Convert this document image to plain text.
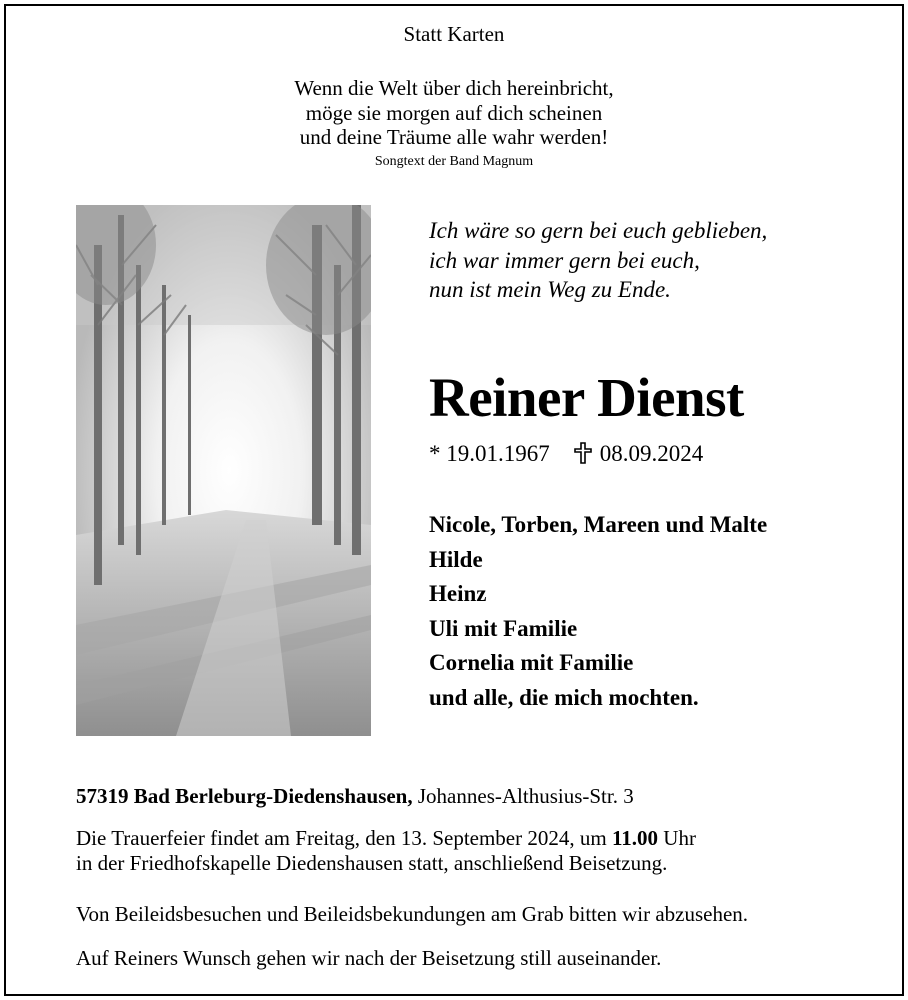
Statt Karten
Wenn die Welt über dich hereinbricht,
möge sie morgen auf dich scheinen
und deine Träume alle wahr werden!
Songtext der Band Magnum
Ich wäre so gern bei euch geblieben,
ich war immer gern bei euch,
nun ist mein Weg zu Ende.
Reiner Dienst
* 19.01.1967 08.09.2024
Nicole, Torben, Mareen und Malte
Hilde
Heinz
Uli mit Familie
Cornelia mit Familie
und alle, die mich mochten.
57319 Bad Berleburg-Diedenshausen, Johannes-Althusius-Str. 3
Die Trauerfeier findet am Freitag, den 13. September 2024, um 11.00 Uhr
in der Friedhofskapelle Diedenshausen statt, anschließend Beisetzung.
Von Beileidsbesuchen und Beileidsbekundungen am Grab bitten wir abzusehen.
Auf Reiners Wunsch gehen wir nach der Beisetzung still auseinander.
